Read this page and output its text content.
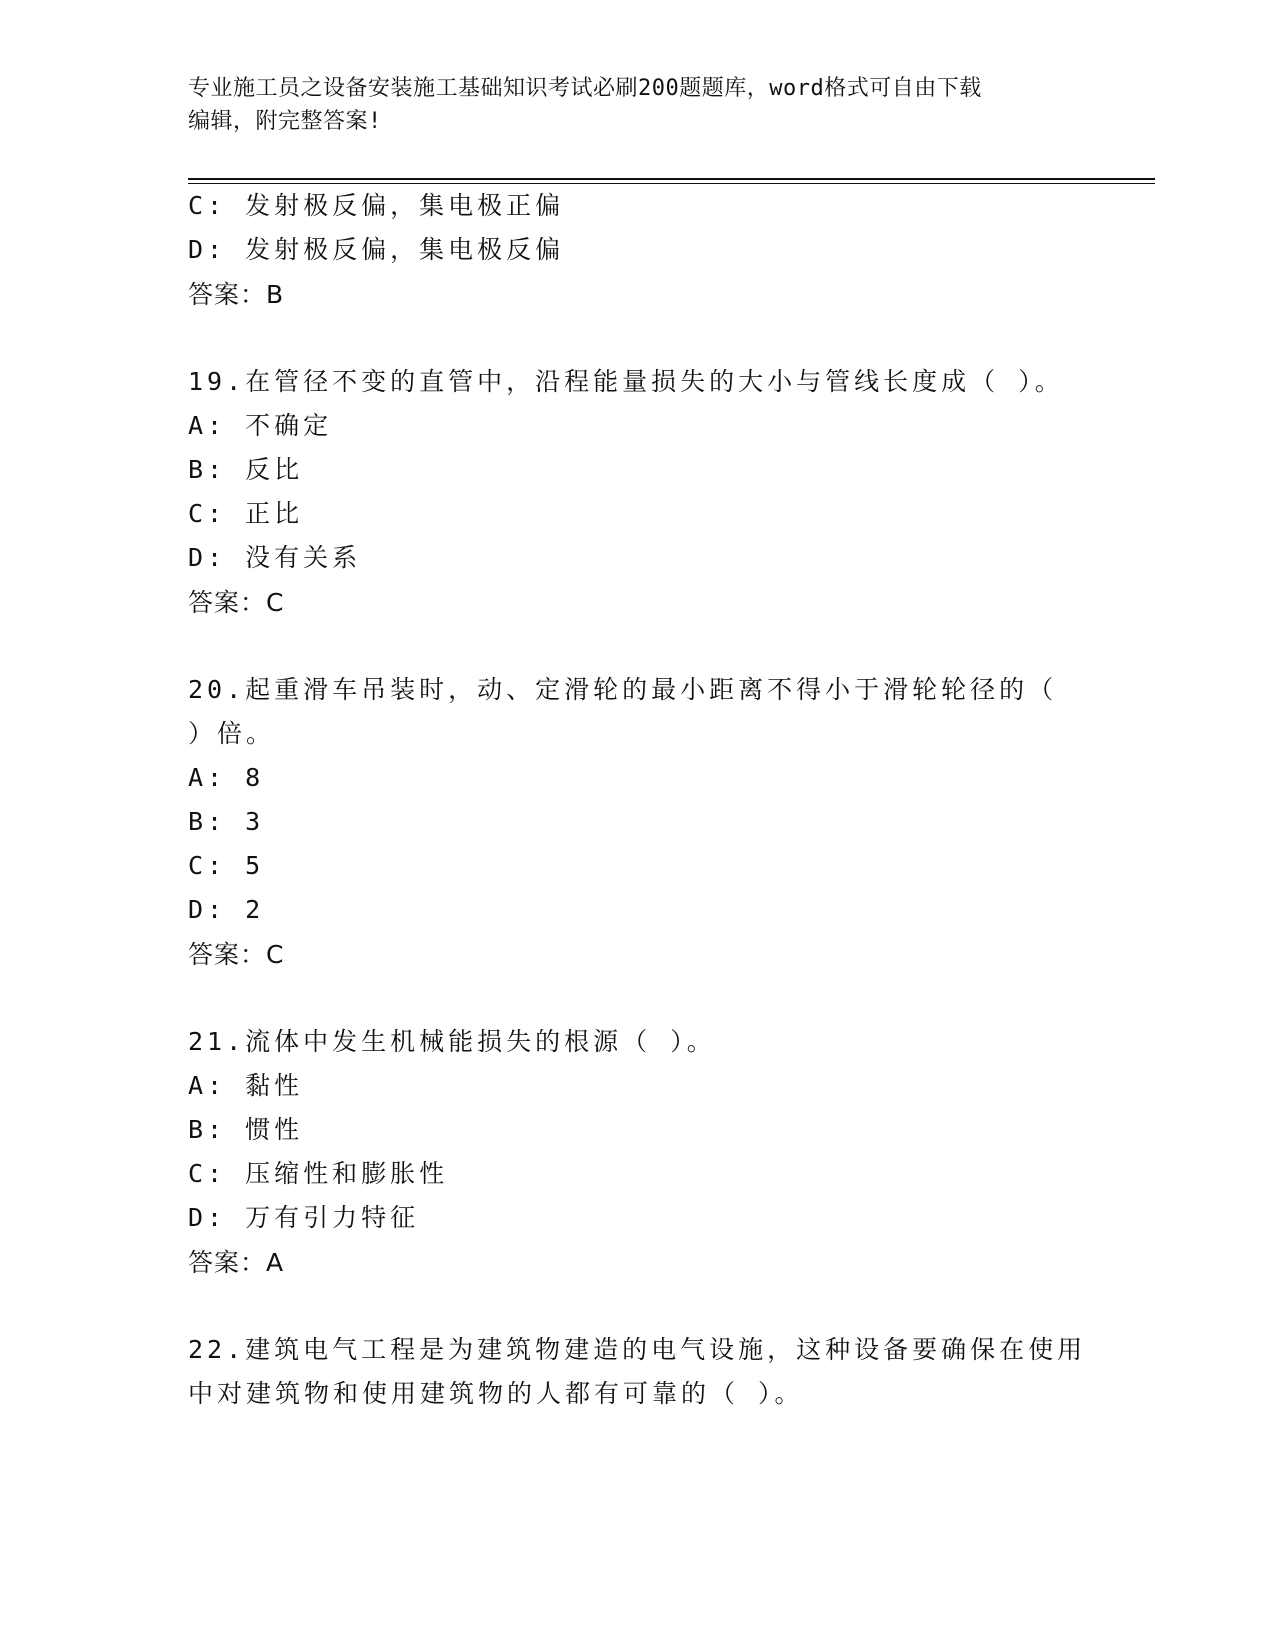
专业施工员之设备安装施工基础知识考试必刷200题题库，word格式可自由下载
编辑，附完整答案!
C: 发射极反偏，集电极正偏
D: 发射极反偏，集电极反偏
答案：B
19.在管径不变的直管中，沿程能量损失的大小与管线长度成（ ）。
A: 不确定
B: 反比
C: 正比
D: 没有关系
答案：C
20.起重滑车吊装时，动、定滑轮的最小距离不得小于滑轮轮径的（
）倍。
A: 8
B: 3
C: 5
D: 2
答案：C
21.流体中发生机械能损失的根源（ ）。
A: 黏性
B: 惯性
C: 压缩性和膨胀性
D: 万有引力特征
答案：A
22.建筑电气工程是为建筑物建造的电气设施，这种设备要确保在使用
中对建筑物和使用建筑物的人都有可靠的（ ）。
